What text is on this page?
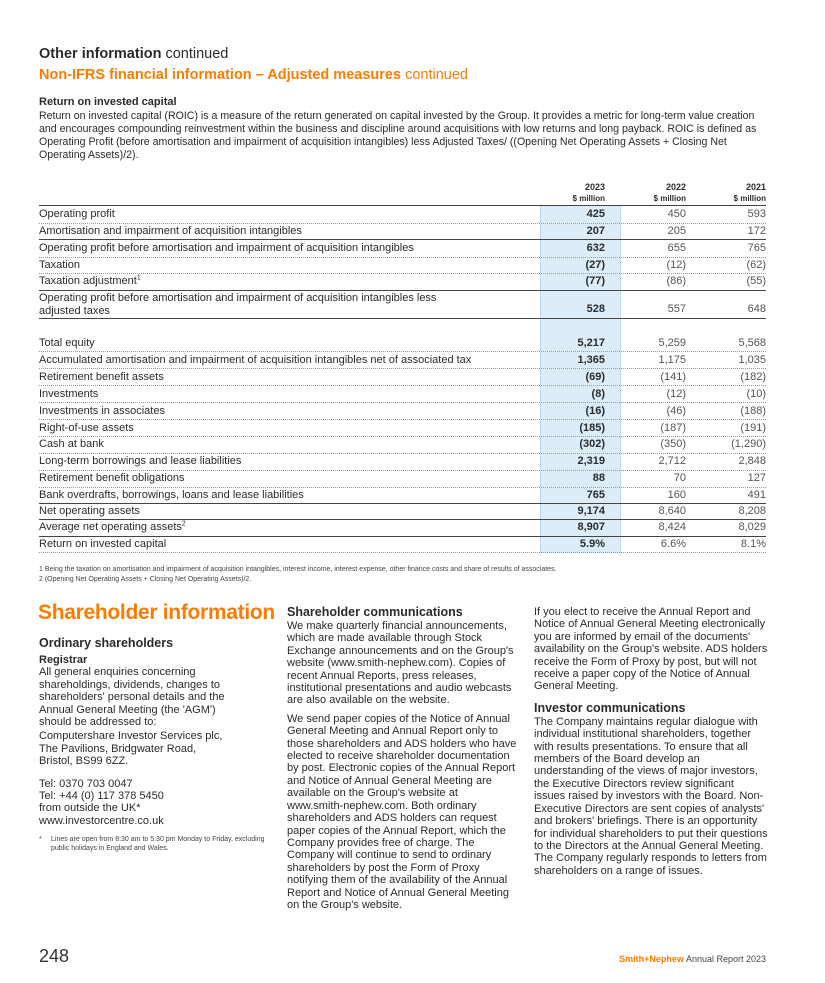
Other information continued
Non-IFRS financial information – Adjusted measures continued
Return on invested capital
Return on invested capital (ROIC) is a measure of the return generated on capital invested by the Group. It provides a metric for long-term value creation and encourages compounding reinvestment within the business and discipline around acquisitions with low returns and long payback. ROIC is defined as Operating Profit (before amortisation and impairment of acquisition intangibles) less Adjusted Taxes/ ((Opening Net Operating Assets + Closing Net Operating Assets)/2).
2023
$ million
2022
$ million
2021
$ million
Operating profit	425	450	593
Amortisation and impairment of acquisition intangibles	207	205	172
Operating profit before amortisation and impairment of acquisition intangibles	632	655	765
Taxation	(27)	(12)	(62)
Taxation adjustment$^1$	(77)	(86)	(55)
Operating profit before amortisation and impairment of acquisition intangibles less
adjusted taxes	528	557	648
Total equity	5,217	5,259	5,568
Accumulated amortisation and impairment of acquisition intangibles net of associated tax	1,365	1,175	1,035
Retirement benefit assets	(69)	(141)	(182)
Investments	(8)	(12)	(10)
Investments in associates	(16)	(46)	(188)
Right-of-use assets	(185)	(187)	(191)
Cash at bank	(302)	(350)	(1,290)
Long-term borrowings and lease liabilities	2,319	2,712	2,848
Retirement benefit obligations	88	70	127
Bank overdrafts, borrowings, loans and lease liabilities	765	160	491
Net operating assets	9,174	8,640	8,208
Average net operating assets$^2$	8,907	8,424	8,029
Return on invested capital	5.9%	6.6%	8.1%
1 Being the taxation on amortisation and impairment of acquisition intangibles, interest income, interest expense, other finance costs and share of results of associates.
2 (Opening Net Operating Assets + Closing Net Operating Assets)/2.
Shareholder information
Ordinary shareholders
Registrar

All general enquiries concerning shareholdings, dividends, changes to shareholders' personal details and the Annual General Meeting (the 'AGM') should be addressed to:

Computershare Investor Services plc,
The Pavilions, Bridgwater Road,
Bristol, BS99 6ZZ.

Tel: 0370 703 0047
Tel: +44 (0) 117 378 5450
from outside the UK*
www.investorcentre.co.uk

*	Lines are open from 8:30 am to 5:30 pm Monday to Friday, excluding public holidays in England and Wales.
Shareholder communications

We make quarterly financial announcements, which are made available through Stock Exchange announcements and on the Group's website (www.smith-nephew.com). Copies of recent Annual Reports, press releases, institutional presentations and audio webcasts are also available on the website.

We send paper copies of the Notice of Annual General Meeting and Annual Report only to those shareholders and ADS holders who have elected to receive shareholder documentation by post. Electronic copies of the Annual Report and Notice of Annual General Meeting are available on the Group's website at www.smith-nephew.com. Both ordinary shareholders and ADS holders can request paper copies of the Annual Report, which the Company provides free of charge. The Company will continue to send to ordinary shareholders by post the Form of Proxy notifying them of the availability of the Annual Report and Notice of Annual General Meeting on the Group's website.

If you elect to receive the Annual Report and Notice of Annual General Meeting electronically you are informed by email of the documents' availability on the Group's website. ADS holders receive the Form of Proxy by post, but will not receive a paper copy of the Notice of Annual General Meeting.

Investor communications

The Company maintains regular dialogue with individual institutional shareholders, together with results presentations. To ensure that all members of the Board develop an understanding of the views of major investors, the Executive Directors review significant issues raised by investors with the Board. Non-Executive Directors are sent copies of analysts' and brokers' briefings. There is an opportunity for individual shareholders to put their questions to the Directors at the Annual General Meeting. The Company regularly responds to letters from shareholders on a range of issues.

248	Smith+Nephew Annual Report 2023
